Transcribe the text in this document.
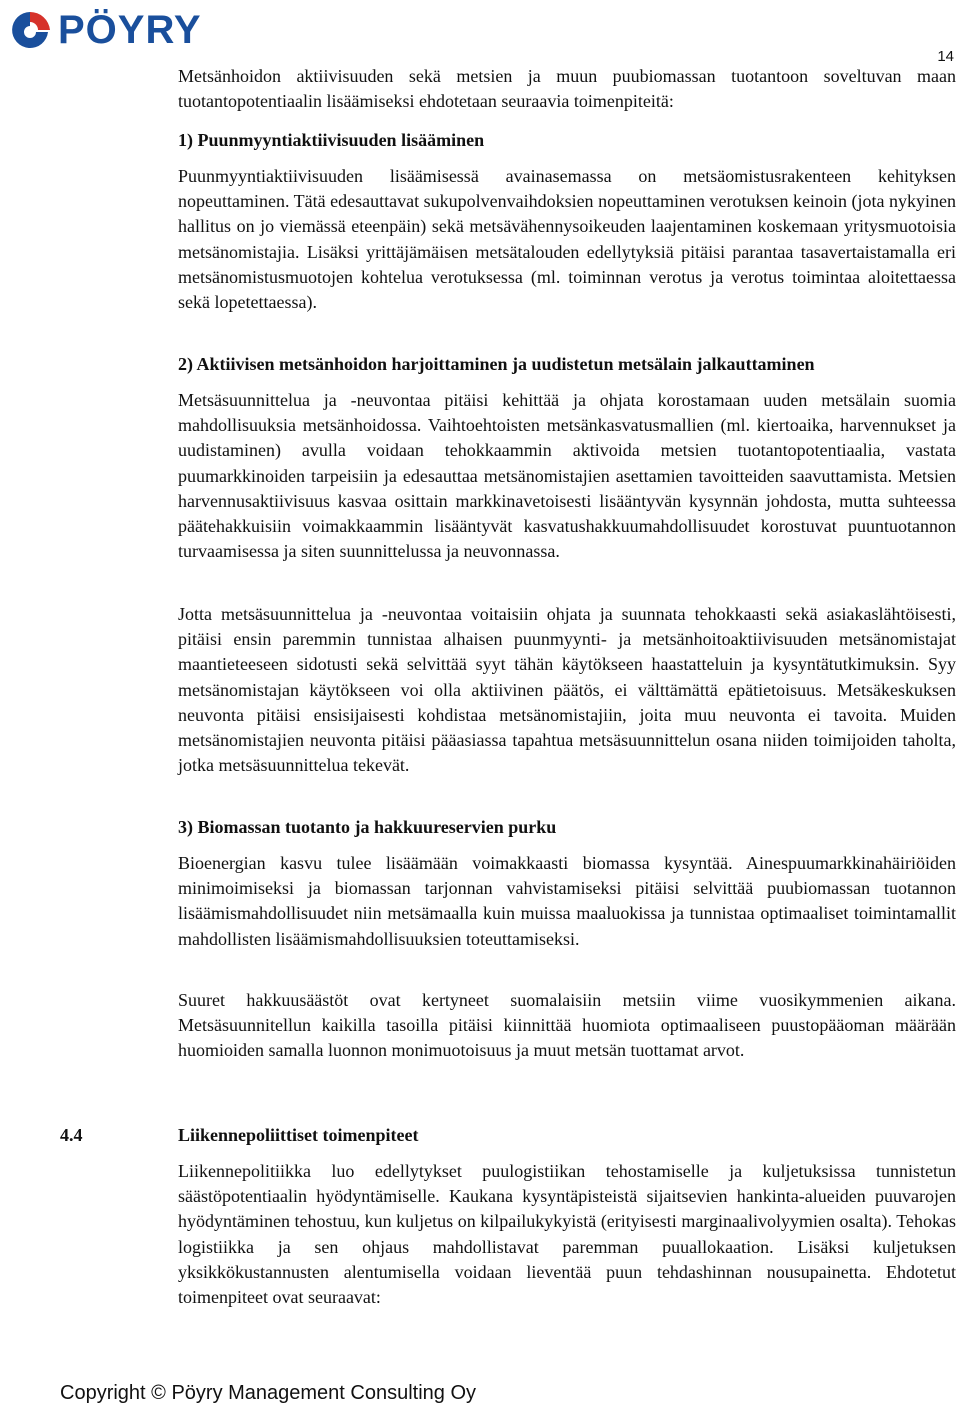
PÖYRY
14

Metsänhoidon aktiivisuuden sekä metsien ja muun puubiomassan tuotantoon soveltuvan maan tuotantopotentiaalin lisäämiseksi ehdotetaan seuraavia toimenpiteitä:

1) Puunmyyntiaktiivisuuden lisääminen

Puunmyyntiaktiivisuuden lisäämisessä avainasemassa on metsäomistusrakenteen kehityksen nopeuttaminen. Tätä edesauttavat sukupolvenvaihdoksien nopeuttaminen verotuksen keinoin (jota nykyinen hallitus on jo viemässä eteenpäin) sekä metsävähennysoikeuden laajentaminen koskemaan yritysmuotoisia metsänomistajia. Lisäksi yrittäjämäisen metsätalouden edellytyksiä pitäisi parantaa tasavertaistamalla eri metsänomistusmuotojen kohtelua verotuksessa (ml. toiminnan verotus ja verotus toimintaa aloitettaessa sekä lopetettaessa).

2) Aktiivisen metsänhoidon harjoittaminen ja uudistetun metsälain jalkauttaminen

Metsäsuunnittelua ja -neuvontaa pitäisi kehittää ja ohjata korostamaan uuden metsälain suomia mahdollisuuksia metsänhoidossa. Vaihtoehtoisten metsänkasvatusmallien (ml. kiertoaika, harvennukset ja uudistaminen) avulla voidaan tehokkaammin aktivoida metsien tuotantopotentiaalia, vastata puumarkkinoiden tarpeisiin ja edesauttaa metsänomistajien asettamien tavoitteiden saavuttamista. Metsien harvennusaktiivisuus kasvaa osittain markkinavetoisesti lisääntyvän kysynnän johdosta, mutta suhteessa päätehakkuisiin voimakkaammin lisääntyvät kasvatushakkuumahdollisuudet korostuvat puuntuotannon turvaamisessa ja siten suunnittelussa ja neuvonnassa.

Jotta metsäsuunnittelua ja -neuvontaa voitaisiin ohjata ja suunnata tehokkaasti sekä asiakaslähtöisesti, pitäisi ensin paremmin tunnistaa alhaisen puunmyynti- ja metsänhoitoaktiivisuuden metsänomistajat maantieteeseen sidotusti sekä selvittää syyt tähän käytökseen haastatteluin ja kysyntätutkimuksin. Syy metsänomistajan käytökseen voi olla aktiivinen päätös, ei välttämättä epätietoisuus. Metsäkeskuksen neuvonta pitäisi ensisijaisesti kohdistaa metsänomistajiin, joita muu neuvonta ei tavoita. Muiden metsänomistajien neuvonta pitäisi pääasiassa tapahtua metsäsuunnittelun osana niiden toimijoiden taholta, jotka metsäsuunnittelua tekevät.

3) Biomassan tuotanto ja hakkuureservien purku

Bioenergian kasvu tulee lisäämään voimakkaasti biomassa kysyntää. Ainespuumarkkinahäiriöiden minimoimiseksi ja biomassan tarjonnan vahvistamiseksi pitäisi selvittää puubiomassan tuotannon lisäämismahdollisuudet niin metsämaalla kuin muissa maaluokissa ja tunnistaa optimaaliset toimintamallit mahdollisten lisäämismahdollisuuksien toteuttamiseksi.

Suuret hakkuusäästöt ovat kertyneet suomalaisiin metsiin viime vuosikymmenien aikana. Metsäsuunnitellun kaikilla tasoilla pitäisi kiinnittää huomiota optimaaliseen puustopääoman määrään huomioiden samalla luonnon monimuotoisuus ja muut metsän tuottamat arvot.

4.4	Liikennepoliittiset toimenpiteet

Liikennepolitiikka luo edellytykset puulogistiikan tehostamiselle ja kuljetuksissa tunnistetun säästöpotentiaalin hyödyntämiselle. Kaukana kysyntäpisteistä sijaitsevien hankinta-alueiden puuvarojen hyödyntäminen tehostuu, kun kuljetus on kilpailukykyistä (erityisesti marginaalivolyymien osalta). Tehokas logistiikka ja sen ohjaus mahdollistavat paremman puuallokaation. Lisäksi kuljetuksen yksikkökustannusten alentumisella voidaan lieventää puun tehdashinnan nousupainetta. Ehdotetut toimenpiteet ovat seuraavat:

Copyright © Pöyry Management Consulting Oy
